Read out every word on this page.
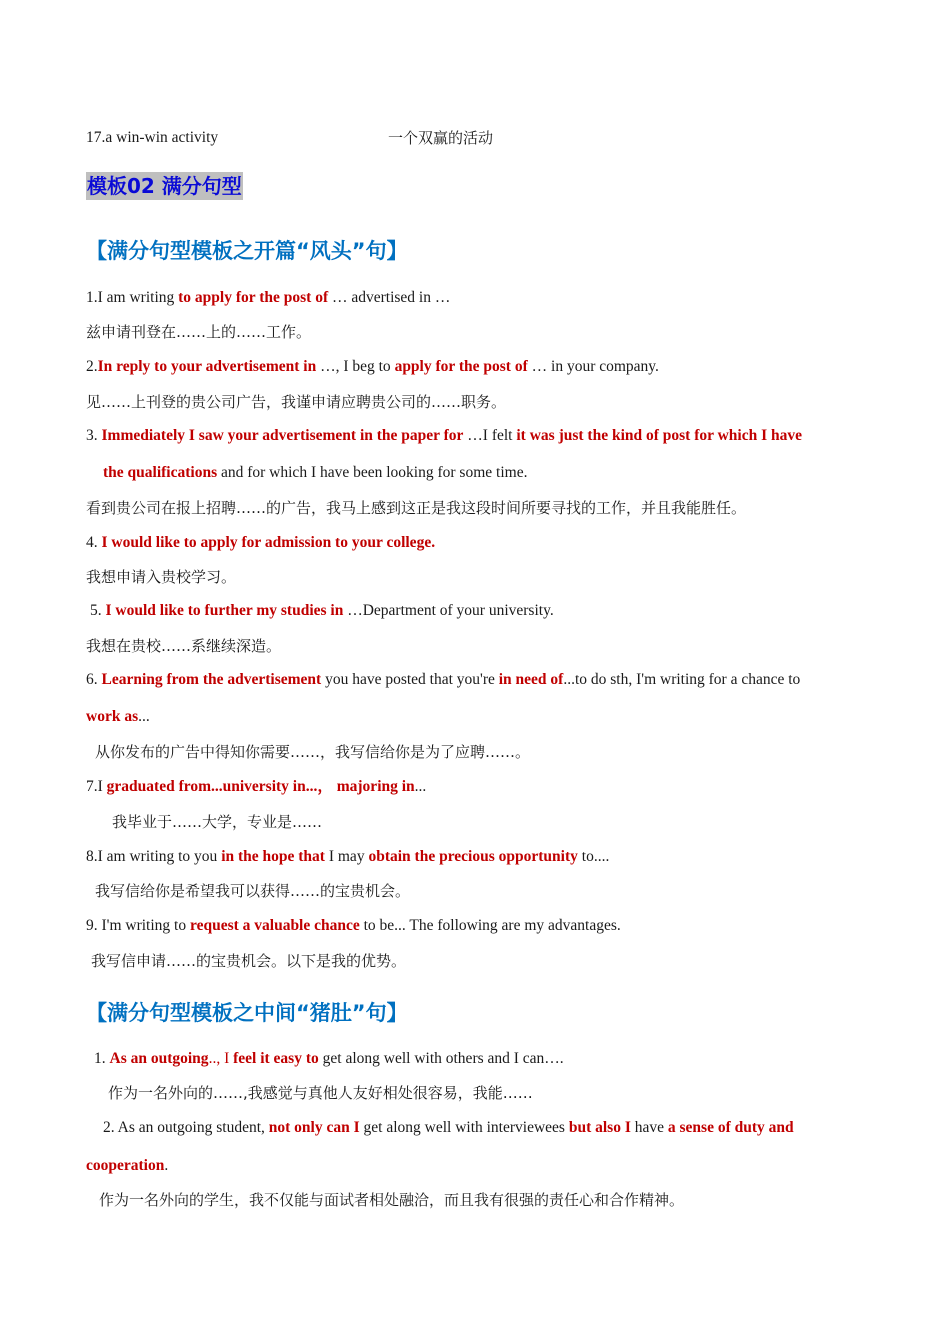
17.a win-win activity	一个双赢的活动
模板02 满分句型
【满分句型模板之开篇“风头”句】
1.I am writing to apply for the post of … advertised in …
兹申请刊登在……上的……工作。
2.In reply to your advertisement in …, I beg to apply for the post of … in your company.
见……上刊登的贵公司广告，我谨申请应聘贵公司的……职务。
3. Immediately I saw your advertisement in the paper for …I felt it was just the kind of post for which I have
the qualifications and for which I have been looking for some time.
看到贵公司在报上招聘……的广告，我马上感到这正是我这段时间所要寻找的工作，并且我能胜任。
4. I would like to apply for admission to your college.
我想申请入贵校学习。
5. I would like to further my studies in …Department of your university.
我想在贵校……系继续深造。
6. Learning from the advertisement you have posted that you're in need of...to do sth, I'm writing for a chance to
work as...
从你发布的广告中得知你需要……，我写信给你是为了应聘……。
7.I graduated from...university in...， majoring in...
我毕业于……大学，专业是……
8.I am writing to you in the hope that I may obtain the precious opportunity to....
我写信给你是希望我可以获得……的宝贵机会。
9. I'm writing to request a valuable chance to be... The following are my advantages.
我写信申请……的宝贵机会。以下是我的优势。
【满分句型模板之中间“猪肚”句】
1. As an outgoing.., I feel it easy to get along well with others and I can….
作为一名外向的……,我感觉与真他人友好相处很容易，我能……
2. As an outgoing student, not only can I get along well with interviewees but also I have a sense of duty and
cooperation.
作为一名外向的学生，我不仅能与面试者相处融洽，而且我有很强的责任心和合作精神。
